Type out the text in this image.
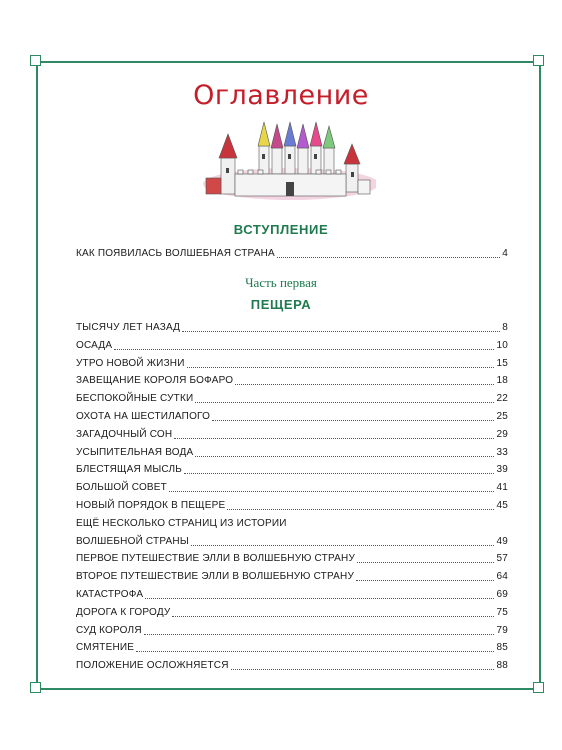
Оглавление
ВСТУПЛЕНИЕ
КАК ПОЯВИЛАСЬ ВОЛШЕБНАЯ СТРАНА	4
Часть первая
ПЕЩЕРА
ТЫСЯЧУ ЛЕТ НАЗАД	8
ОСАДА	10
УТРО НОВОЙ ЖИЗНИ	15
ЗАВЕЩАНИЕ КОРОЛЯ БОФАРО	18
БЕСПОКОЙНЫЕ СУТКИ	22
ОХОТА НА ШЕСТИЛАПОГО	25
ЗАГАДОЧНЫЙ СОН	29
УСЫПИТЕЛЬНАЯ ВОДА	33
БЛЕСТЯЩАЯ МЫСЛЬ	39
БОЛЬШОЙ СОВЕТ	41
НОВЫЙ ПОРЯДОК В ПЕЩЕРЕ	45
ЕЩЁ НЕСКОЛЬКО СТРАНИЦ ИЗ ИСТОРИИ
ВОЛШЕБНОЙ СТРАНЫ	49
ПЕРВОЕ ПУТЕШЕСТВИЕ ЭЛЛИ В ВОЛШЕБНУЮ СТРАНУ	57
ВТОРОЕ ПУТЕШЕСТВИЕ ЭЛЛИ В ВОЛШЕБНУЮ СТРАНУ	64
КАТАСТРОФА	69
ДОРОГА К ГОРОДУ	75
СУД КОРОЛЯ	79
СМЯТЕНИЕ	85
ПОЛОЖЕНИЕ ОСЛОЖНЯЕТСЯ	88
